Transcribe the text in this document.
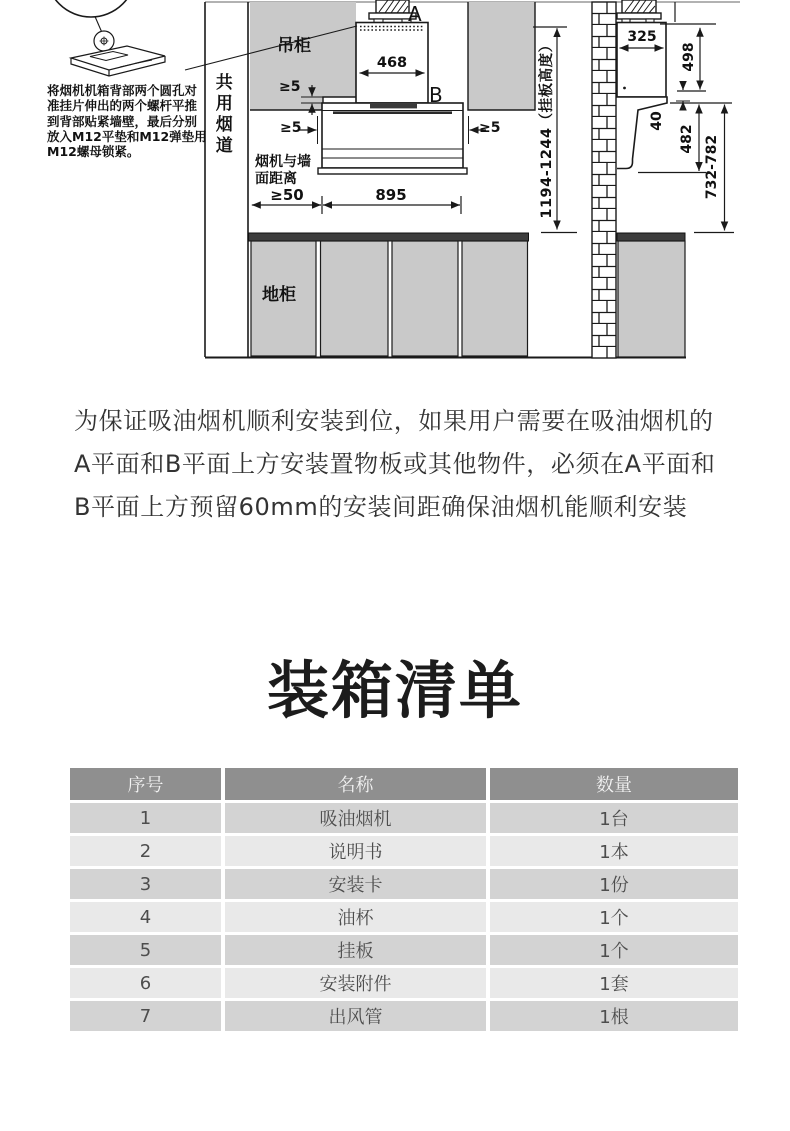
将烟机机箱背部两个圆孔对
准挂片伸出的两个螺杆平推
到背部贴紧墙壁，最后分别
放入M12平垫和M12弹垫用
M12螺母锁紧。	共用烟道
吊柜
A
468
B
≥5
≥5	≥5
烟机与墙
面距离
≥50	895
地柜
1194-1244（挂板高度）
325
498
40
482 732-782
为保证吸油烟机顺利安装到位，如果用户需要在吸油烟机的
A平面和B平面上方安装置物板或其他物件，必须在A平面和
B平面上方预留60mm的安装间距确保油烟机能顺利安装
装箱清单
序号	名称	数量
1	吸油烟机	1台
2	说明书	1本
3	安装卡	1份
4	油杯	1个
5	挂板	1个
6	安装附件	1套
7	出风管	1根
